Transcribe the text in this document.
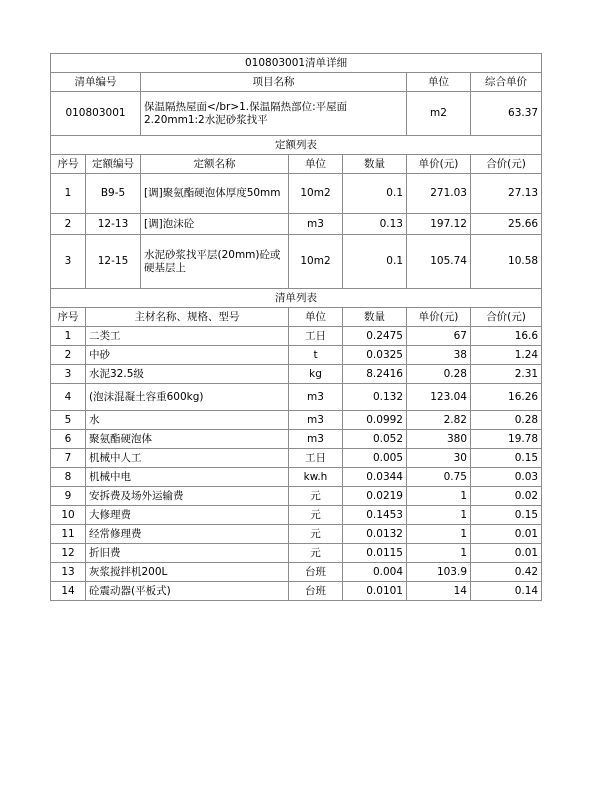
010803001清单详细						
清单编号		项目名称			单位	综合单价
010803001		保温隔热屋面</br>1.保温隔热部位:平屋面2.20mm1:2水泥砂浆找平			m2	63.37
定额列表						
序号	定额编号	定额名称	单位	数量	单价(元)	合价(元)
1	B9-5	[调]聚氨酯硬泡体厚度50mm	10m2	0.1	271.03	27.13
2	12-13	[调]泡沫砼	m3	0.13	197.12	25.66
3	12-15	水泥砂浆找平层(20mm)砼或硬基层上	10m2	0.1	105.74	10.58
清单列表						
序号	主材名称、规格、型号		单位	数量	单价(元)	合价(元)
1	二类工		工日	0.2475	67	16.6
2	中砂		t	0.0325	38	1.24
3	水泥32.5级		kg	8.2416	0.28	2.31
4	(泡沫混凝土容重600kg)		m3	0.132	123.04	16.26
5	水		m3	0.0992	2.82	0.28
6	聚氨酯硬泡体		m3	0.052	380	19.78
7	机械中人工		工日	0.005	30	0.15
8	机械中电		kw.h	0.0344	0.75	0.03
9	安拆费及场外运输费		元	0.0219	1	0.02
10	大修理费		元	0.1453	1	0.15
11	经常修理费		元	0.0132	1	0.01
12	折旧费		元	0.0115	1	0.01
13	灰浆搅拌机200L		台班	0.004	103.9	0.42
14	砼震动器(平板式)		台班	0.0101	14	0.14
